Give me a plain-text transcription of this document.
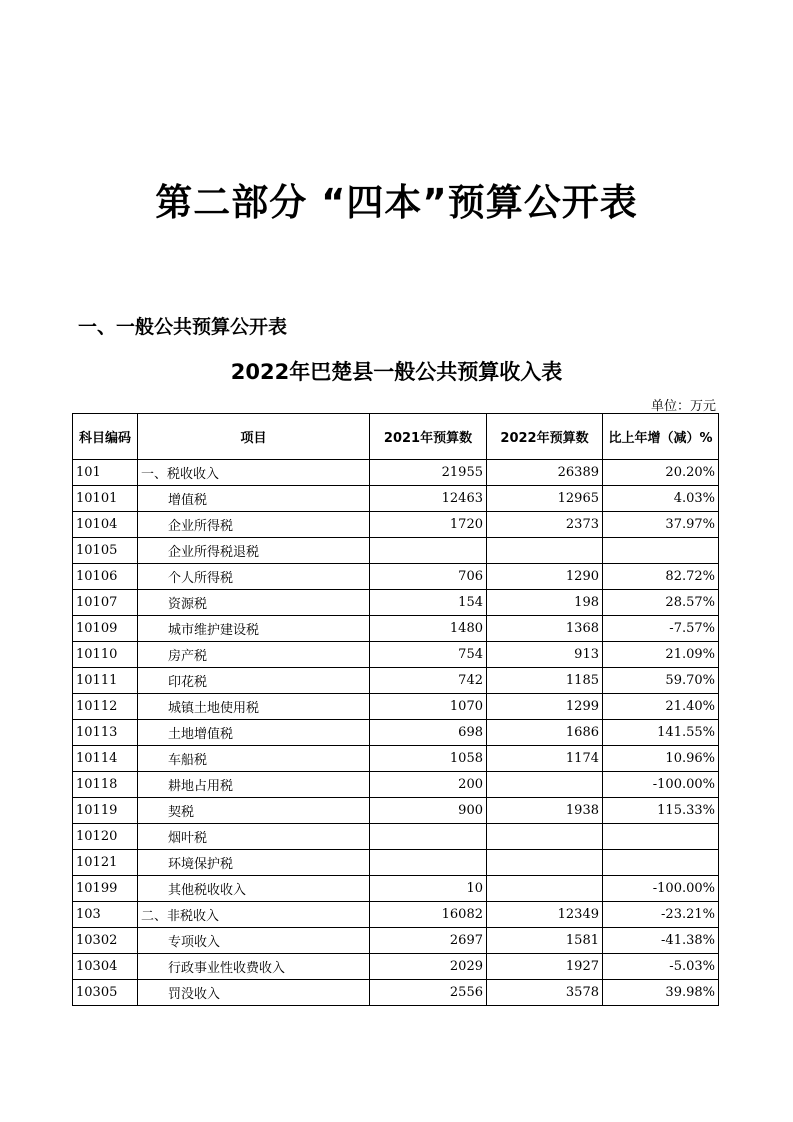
第二部分 “四本”预算公开表
一、一般公共预算公开表
2022年巴楚县一般公共预算收入表
单位：万元
科目编码	项目	2021年预算数	2022年预算数	比上年增（减）%
101	一、税收收入	21955	26389	20.20%
10101	增值税	12463	12965	4.03%
10104	企业所得税	1720	2373	37.97%
10105	企业所得税退税			
10106	个人所得税	706	1290	82.72%
10107	资源税	154	198	28.57%
10109	城市维护建设税	1480	1368	-7.57%
10110	房产税	754	913	21.09%
10111	印花税	742	1185	59.70%
10112	城镇土地使用税	1070	1299	21.40%
10113	土地增值税	698	1686	141.55%
10114	车船税	1058	1174	10.96%
10118	耕地占用税	200		-100.00%
10119	契税	900	1938	115.33%
10120	烟叶税			
10121	环境保护税			
10199	其他税收收入	10		-100.00%
103	二、非税收入	16082	12349	-23.21%
10302	专项收入	2697	1581	-41.38%
10304	行政事业性收费收入	2029	1927	-5.03%
10305	罚没收入	2556	3578	39.98%
